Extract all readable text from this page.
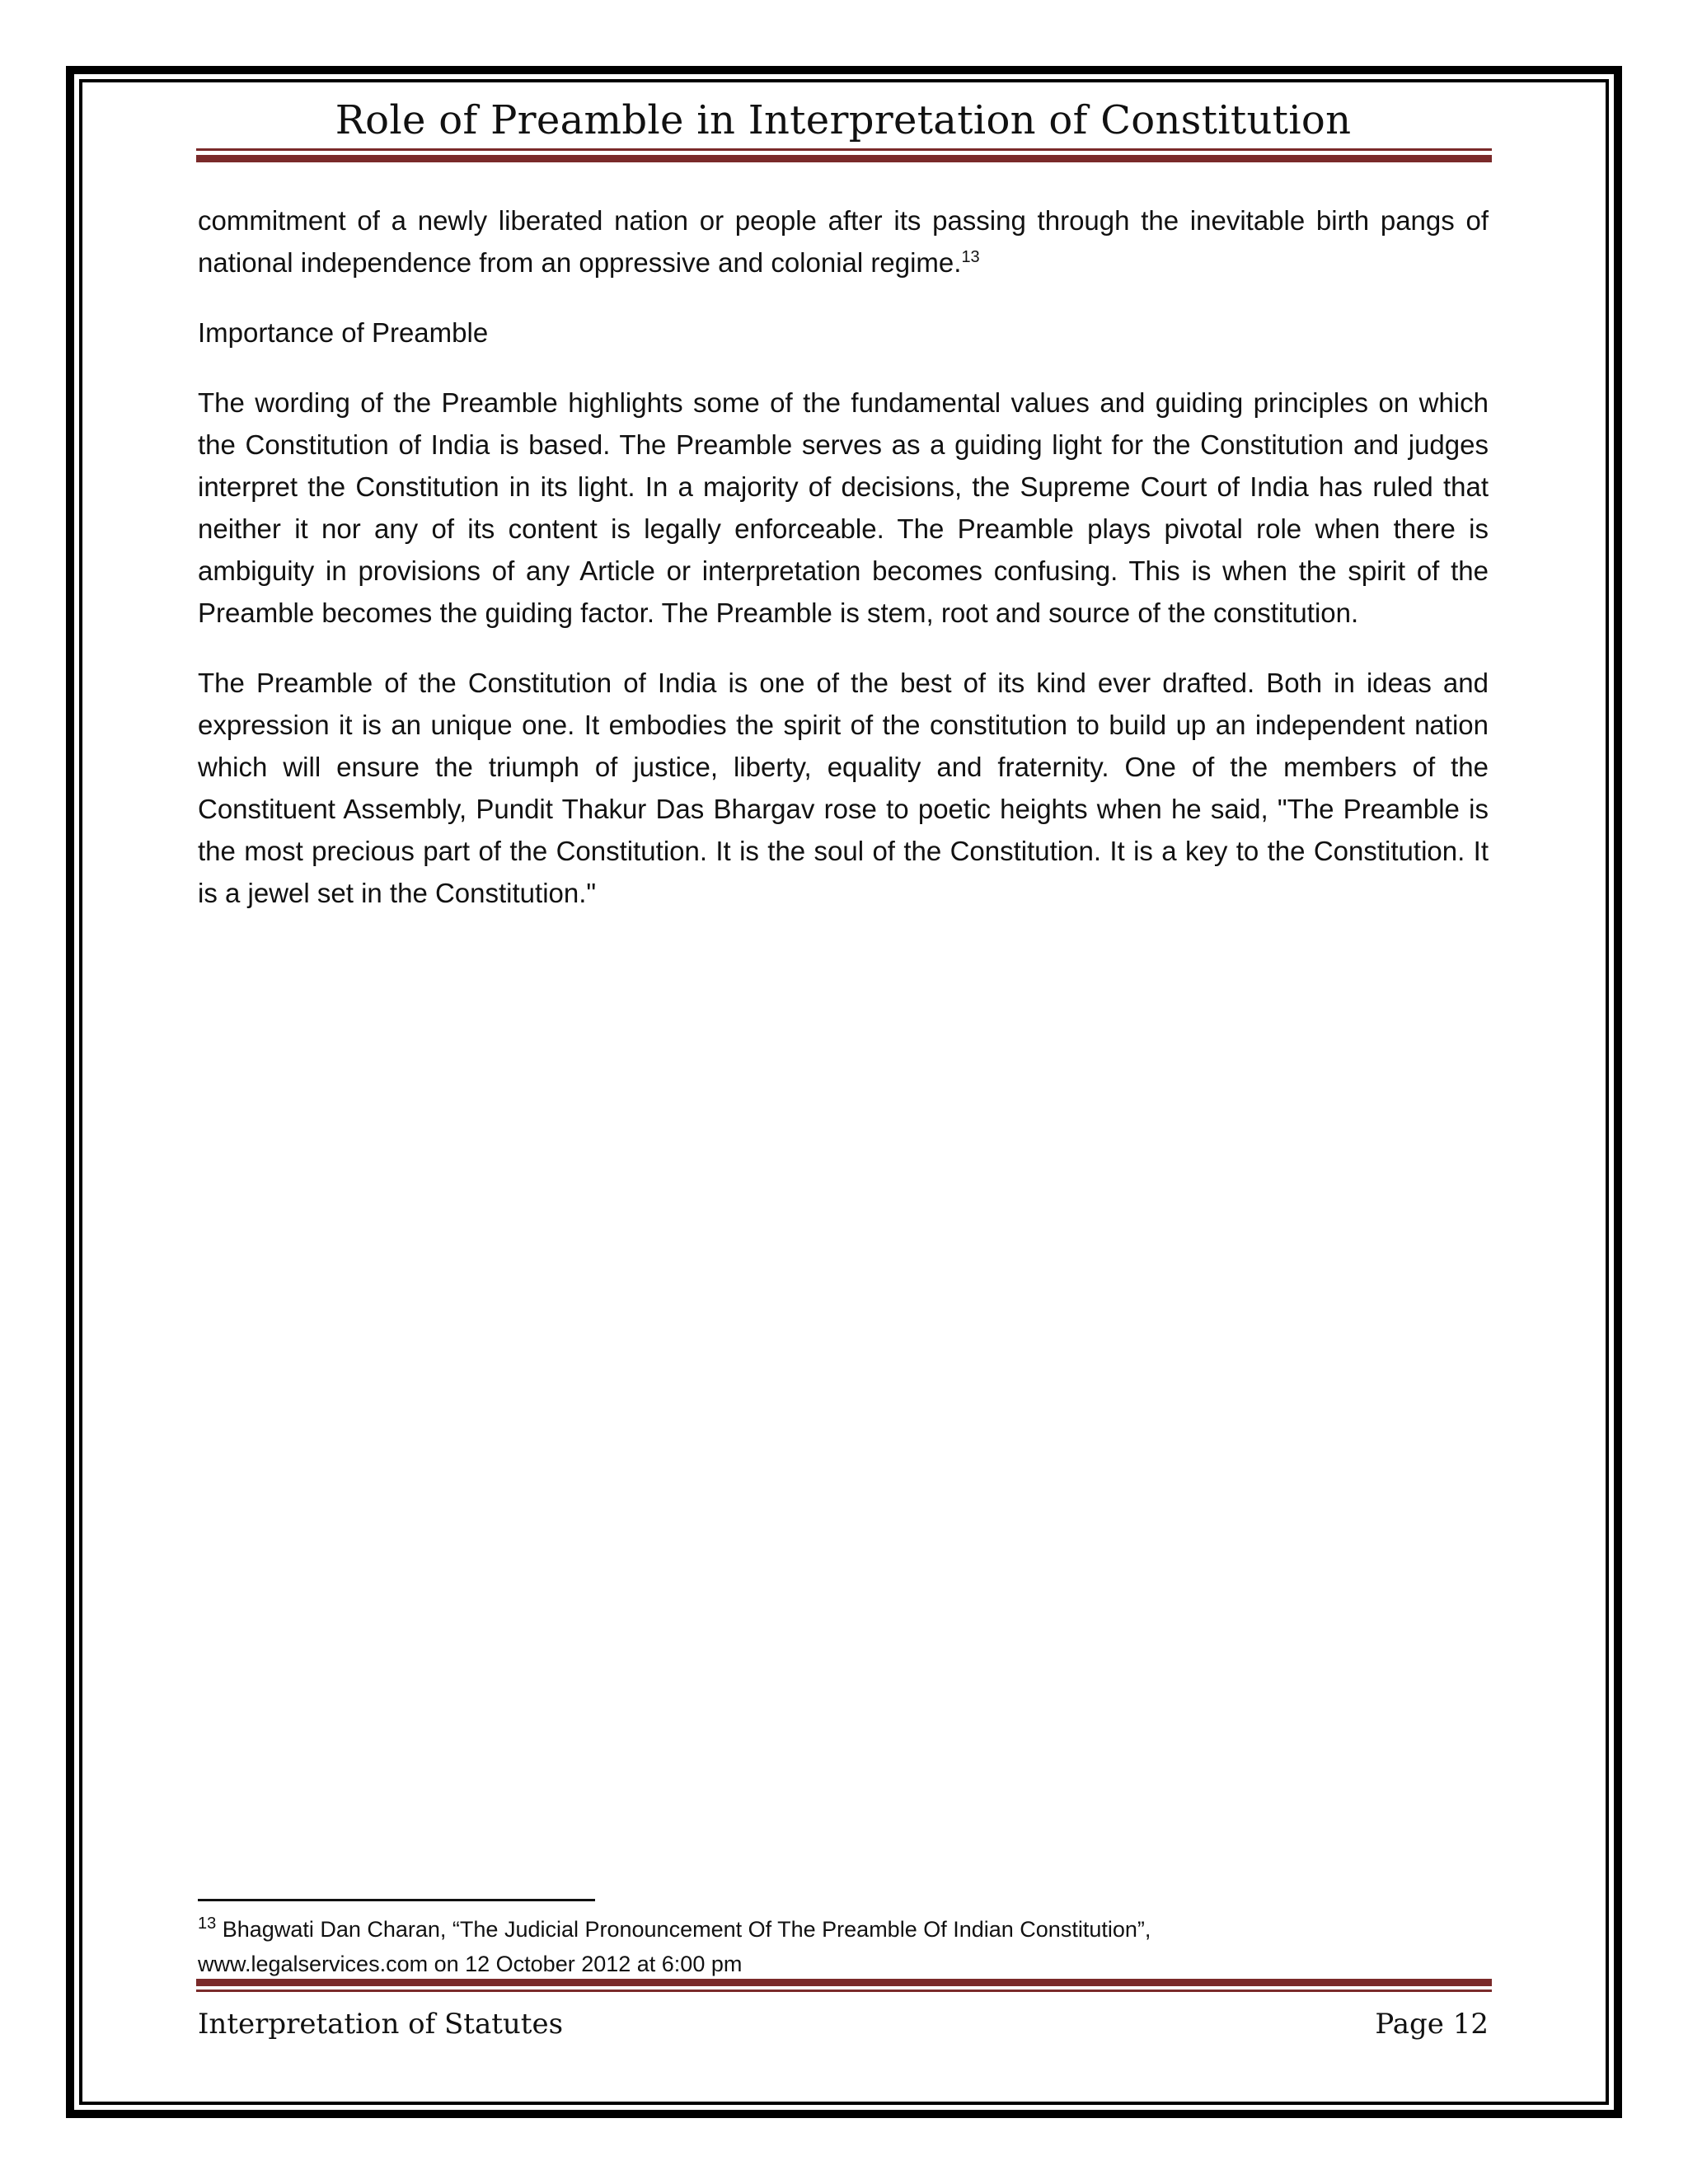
Role of Preamble in Interpretation of Constitution

commitment of a newly liberated nation or people after its passing through the inevitable birth pangs of national independence from an oppressive and colonial regime.$^{13}$

Importance of Preamble

The wording of the Preamble highlights some of the fundamental values and guiding principles on which the Constitution of India is based. The Preamble serves as a guiding light for the Constitution and judges interpret the Constitution in its light. In a majority of decisions, the Supreme Court of India has ruled that neither it nor any of its content is legally enforceable. The Preamble plays pivotal role when there is ambiguity in provisions of any Article or interpretation becomes confusing. This is when the spirit of the Preamble becomes the guiding factor. The Preamble is stem, root and source of the constitution.

The Preamble of the Constitution of India is one of the best of its kind ever drafted. Both in ideas and expression it is an unique one. It embodies the spirit of the constitution to build up an independent nation which will ensure the triumph of justice, liberty, equality and fraternity. One of the members of the Constituent Assembly, Pundit Thakur Das Bhargav rose to poetic heights when he said, "The Preamble is the most precious part of the Constitution. It is the soul of the Constitution. It is a key to the Constitution. It is a jewel set in the Constitution."

$^{13}$ Bhagwati Dan Charan, “The Judicial Pronouncement Of The Preamble Of Indian Constitution”,

www.legalservices.com on 12 October 2012 at 6:00 pm

Interpretation of Statutes	Page 12
